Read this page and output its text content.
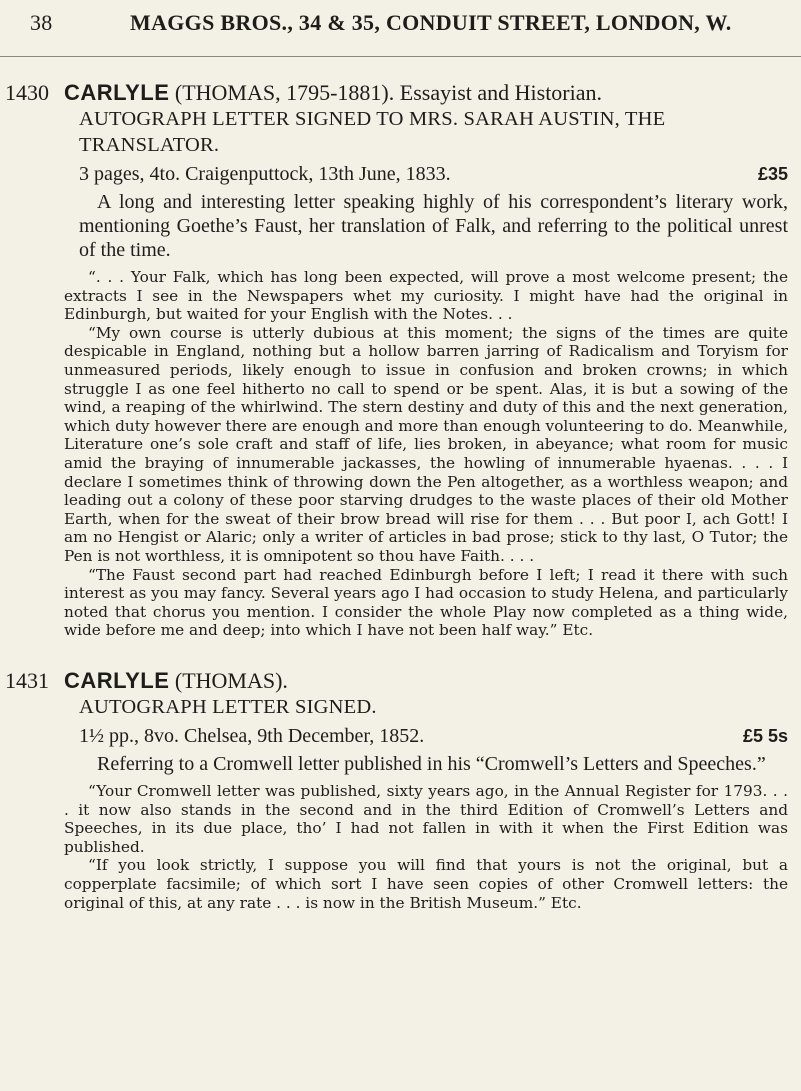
38	MAGGS BROS., 34 & 35, CONDUIT STREET, LONDON, W.
1430 CARLYLE (THOMAS, 1795-1881). Essayist and Historian.

AUTOGRAPH LETTER SIGNED TO MRS. SARAH AUSTIN, THE TRANSLATOR.

3 pages, 4to. Craigenputtock, 13th June, 1833.	£35

A long and interesting letter speaking highly of his correspondent’s literary work, mentioning Goethe’s Faust, her translation of Falk, and referring to the political unrest of the time.

“. . . Your Falk, which has long been expected, will prove a most welcome present; the extracts I see in the Newspapers whet my curiosity. I might have had the original in Edinburgh, but waited for your English with the Notes. . .

“My own course is utterly dubious at this moment; the signs of the times are quite despicable in England, nothing but a hollow barren jarring of Radicalism and Toryism for unmeasured periods, likely enough to issue in confusion and broken crowns; in which struggle I as one feel hitherto no call to spend or be spent. Alas, it is but a sowing of the wind, a reaping of the whirlwind. The stern destiny and duty of this and the next generation, which duty however there are enough and more than enough volunteering to do. Meanwhile, Literature one’s sole craft and staff of life, lies broken, in abeyance; what room for music amid the braying of innumerable jackasses, the howling of innumerable hyaenas. . . . I declare I sometimes think of throwing down the Pen altogether, as a worthless weapon; and leading out a colony of these poor starving drudges to the waste places of their old Mother Earth, when for the sweat of their brow bread will rise for them . . . But poor I, ach Gott! I am no Hengist or Alaric; only a writer of articles in bad prose; stick to thy last, O Tutor; the Pen is not worthless, it is omnipotent so thou have Faith. . . .

“The Faust second part had reached Edinburgh before I left; I read it there with such interest as you may fancy. Several years ago I had occasion to study Helena, and particularly noted that chorus you mention. I consider the whole Play now completed as a thing wide, wide before me and deep; into which I have not been half way.” Etc.

1431 CARLYLE (THOMAS).

AUTOGRAPH LETTER SIGNED.

1½ pp., 8vo. Chelsea, 9th December, 1852.	£5 5s

Referring to a Cromwell letter published in his “Cromwell’s Letters and Speeches.”

“Your Cromwell letter was published, sixty years ago, in the Annual Register for 1793. . . . it now also stands in the second and in the third Edition of Cromwell’s Letters and Speeches, in its due place, tho’ I had not fallen in with it when the First Edition was published.

“If you look strictly, I suppose you will find that yours is not the original, but a copperplate facsimile; of which sort I have seen copies of other Cromwell letters: the original of this, at any rate . . . is now in the British Museum.” Etc.
